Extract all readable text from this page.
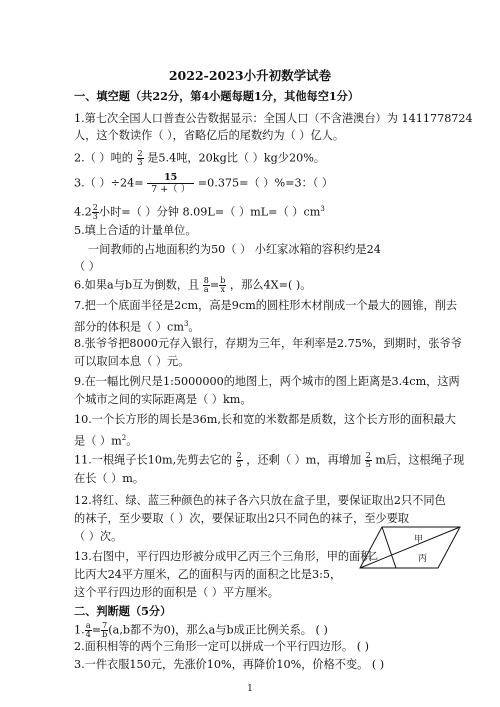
2022-2023小升初数学试卷
一、填空题（共22分，第4小题每题1分，其他每空1分）
1.第七次全国人口普查公告数据显示：全国人口（不含港澳台）为 1411778724
人，这个数读作（ ），省略亿后的尾数约为（ ）亿人。
2.（ ）吨的 $\frac{2}{3}$ 是5.4吨，20kg比（ ）kg少20%。
3.（ ）$\div 24= \frac{15}{7 +( )} =0.375=$（ ）%=3：（ ）
$4.2 \frac{2}{3}$ 小时=（ ）分钟 8.09L=（ ）mL=（ ）$cm^3$
5.填上合适的计量单位。
一间教师的占地面积约为50（ ） 小红家冰箱的容积约是24
（ ）
6.如果a与b互为倒数，且 $\frac{8}{a} = \frac{b}{x}$ ，那么4X=( )。
7.把一个底面半径是2cm，高是9cm的圆柱形木材削成一个最大的圆锥，削去
部分的体积是（ ）$cm^3$。
8.张爷爷把8000元存入银行，存期为三年，年利率是2.75%，到期时，张爷爷
可以取回本息（ ）元。
9.在一幅比例尺是1:5000000的地图上，两个城市的图上距离是3.4cm，这两
个城市之间的实际距离是（ ）km。
10.一个长方形的周长是36m,长和宽的米数都是质数，这个长方形的面积最大
是（ ）$m^2$。
11.一根绳子长10m,先剪去它的 $\frac{2}{5}$ ，还剩（ ）m，再增加 $\frac{2}{5}$ m后，这根绳子现
在长（ ）m。
12.将红、绿、蓝三种颜色的袜子各六只放在盒子里，要保证取出2只不同色
的袜子，至少要取（ ）次，要保证取出2只不同色的袜子，至少要取
（ ）次。
13.右图中，平行四边形被分成甲乙丙三个三角形，甲的面积
比丙大24平方厘米，乙的面积与丙的面积之比是3:5，
这个平行四边形的面积是（ ）平方厘米。
甲
乙	丙
二、判断题（5分）
1. $\frac{a}{4} = \frac{7}{b} (a,b$都不为0)，那么a与b成正比例关系。 ( )
2.面积相等的两个三角形一定可以拼成一个平行四边形。 ( )
3.一件衣服150元，先涨价10%，再降价10%，价格不变。 ( )
1
